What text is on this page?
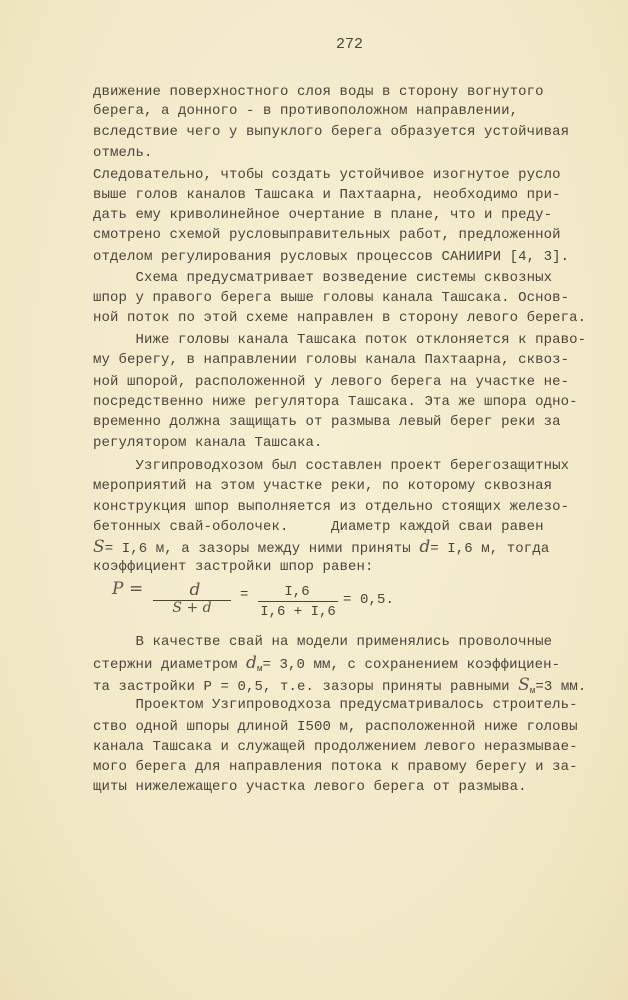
272
движение поверхностного слоя воды в сторону вогнутого
берега, а донного - в противоположном направлении,
вследствие чего у выпуклого берега образуется устойчивая
отмель.
Следовательно, чтобы создать устойчивое изогнутое русло
выше голов каналов Ташсака и Пахтаарна, необходимо при-
дать ему криволинейное очертание в плане, что и преду-
смотрено схемой русловыправительных работ, предложенной
отделом регулирования русловых процессов САНИИРИ [4, 3].
Схема предусматривает возведение системы сквозных
шпор у правого берега выше головы канала Ташсака. Основ-
ной поток по этой схеме направлен в сторону левого берега.
Ниже головы канала Ташсака поток отклоняется к право-
му берегу, в направлении головы канала Пахтаарна, сквоз-
ной шпорой, расположенной у левого берега на участке не-
посредственно ниже регулятора Ташсака. Эта же шпора одно-
временно должна защищать от размыва левый берег реки за
регулятором канала Ташсака.
Узгипроводхозом был составлен проект берегозащитных
мероприятий на этом участке реки, по которому сквозная
конструкция шпор выполняется из отдельно стоящих железо-
бетонных свай-оболочек.     Диаметр каждой сваи равен
S= I,6 м, а зазоры между ними приняты d= I,6 м, тогда
коэффициент застройки шпор равен:
P =	d
S + d
=	I,6
I,6 + I,6
= 0,5.
В качестве свай на модели применялись проволочные
стержни диаметром $d_м= 3,0$ мм, с сохранением коэффициен-
та застройки P = 0,5, т.е. зазоры приняты равными $S_м=3$ мм.
Проектом Узгипроводхоза предусматривалось строитель-
ство одной шпоры длиной I500 м, расположенной ниже головы
канала Ташсака и служащей продолжением левого неразмывае-
мого берега для направления потока к правому берегу и за-
щиты нижележащего участка левого берега от размыва.
